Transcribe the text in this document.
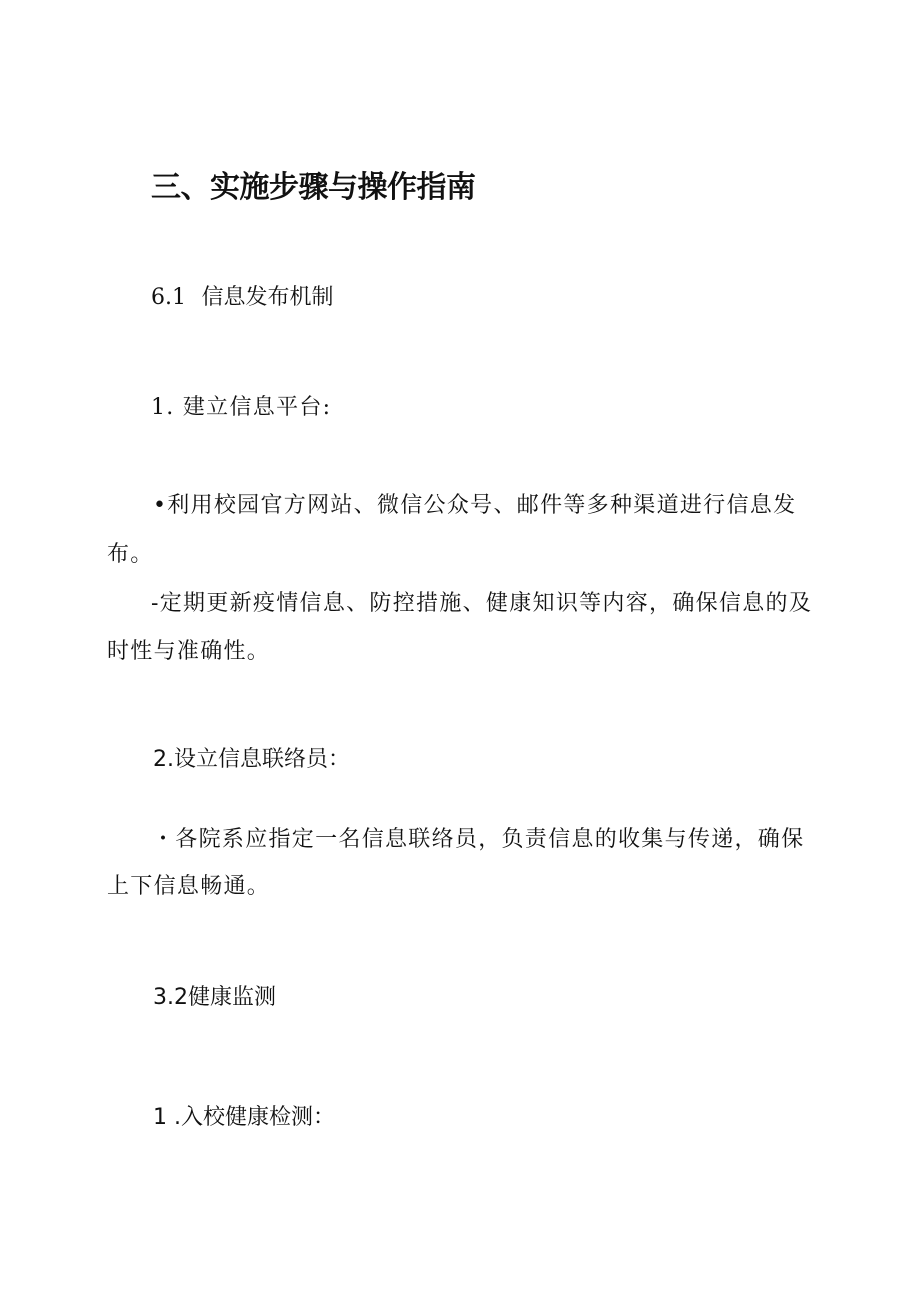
三、实施步骤与操作指南
6.1 信息发布机制

1. 建立信息平台:

•利用校园官方网站、微信公众号、邮件等多种渠道进行信息发

布。

-定期更新疫情信息、防控措施、健康知识等内容，确保信息的及

时性与准确性。

2.设立信息联络员：

・各院系应指定一名信息联络员，负责信息的收集与传递，确保

上下信息畅通。

3.2健康监测

1 .入校健康检测：
